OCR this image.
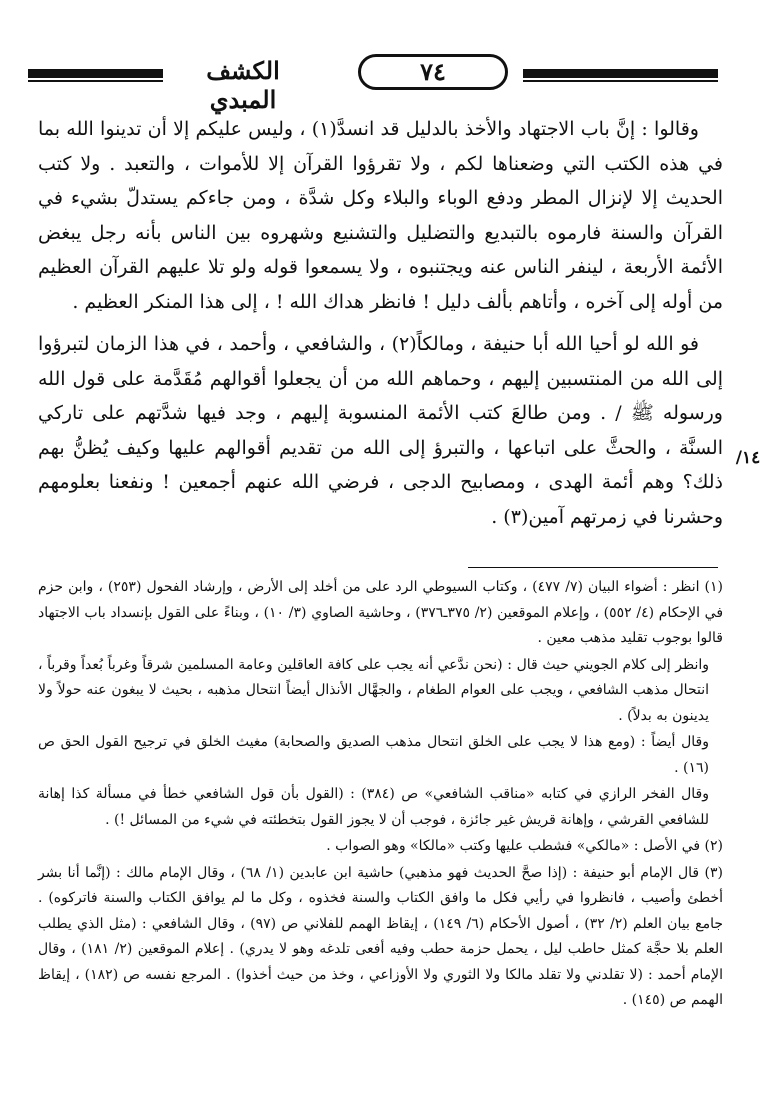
الكشف المبدي
٧٤

وقالوا : إنَّ باب الاجتهاد والأخذ بالدليل قد انسدَّ(١) ، وليس عليكم إلا أن تدينوا الله بما في هذه الكتب التي وضعناها لكم ، ولا تقرؤوا القرآن إلا للأموات ، والتعبد . ولا كتب الحديث إلا لإنزال المطر ودفع الوباء والبلاء وكل شدَّة ، ومن جاءكم يستدلّ بشيء في القرآن والسنة فارموه بالتبديع والتضليل والتشنيع وشهروه بين الناس بأنه رجل يبغض الأئمة الأربعة ، لينفر الناس عنه ويجتنبوه ، ولا يسمعوا قوله ولو تلا عليهم القرآن العظيم من أوله إلى آخره ، وأتاهم بألف دليل ! فانظر هداك الله ! ، إلى هذا المنكر العظيم .

فو الله لو أحيا الله أبا حنيفة ، ومالكاً(٢) ، والشافعي ، وأحمد ، في هذا الزمان لتبرؤوا إلى الله من المنتسبين إليهم ، وحماهم الله من أن يجعلوا أقوالهم مُقَدَّمة على قول الله ورسوله ﷺ / . ومن طالعَ كتب الأئمة المنسوبة إليهم ، وجد فيها شدَّتهم على تاركي السنَّة ، والحثَّ على اتباعها ، والتبرؤ إلى الله من تقديم أقوالهم عليها وكيف يُظنُّ بهم ذلك؟ وهم أئمة الهدى ، ومصابيح الدجى ، فرضي الله عنهم أجمعين ! ونفعنا بعلومهم وحشرنا في زمرتهم آمين(٣) .

١٤/

(١) انظر : أضواء البيان (٧/ ٤٧٧) ، وكتاب السيوطي الرد على من أخلد إلى الأرض ، وإرشاد الفحول (٢٥٣) ، وابن حزم في الإحكام (٤/ ٥٥٢) ، وإعلام الموقعين (٢/ ٣٧٥ـ٣٧٦) ، وحاشية الصاوي (٣/ ١٠) ، وبناءً على القول بإنسداد باب الاجتهاد قالوا بوجوب تقليد مذهب معين .

وانظر إلى كلام الجويني حيث قال : (نحن ندَّعي أنه يجب على كافة العاقلين وعامة المسلمين شرقاً وغرباً بُعداً وقرباً ، انتحال مذهب الشافعي ، ويجب على العوام الطغام ، والجهَّال الأنذال أيضاً انتحال مذهبه ، بحيث لا يبغون عنه حولاً ولا يدينون به بدلاً) .

وقال أيضاً : (ومع هذا لا يجب على الخلق انتحال مذهب الصديق والصحابة) مغيث الخلق في ترجيح القول الحق ص (١٦) .

وقال الفخر الرازي في كتابه «مناقب الشافعي» ص (٣٨٤) : (القول بأن قول الشافعي خطأ في مسألة كذا إهانة للشافعي القرشي ، وإهانة قريش غير جائزة ، فوجب أن لا يجوز القول بتخطئته في شيء من المسائل !) .

(٢) في الأصل : «مالكي» فشطب عليها وكتب «مالكا» وهو الصواب .

(٣) قال الإمام أبو حنيفة : (إذا صحَّ الحديث فهو مذهبي) حاشية ابن عابدين (١/ ٦٨) ، وقال الإمام مالك : (إنَّما أنا بشر أخطئ وأصيب ، فانظروا في رأيي فكل ما وافق الكتاب والسنة فخذوه ، وكل ما لم يوافق الكتاب والسنة فاتركوه) . جامع بيان العلم (٢/ ٣٢) ، أصول الأحكام (٦/ ١٤٩) ، إيقاظ الهمم للفلاني ص (٩٧) ، وقال الشافعي : (مثل الذي يطلب العلم بلا حجَّة كمثل حاطب ليل ، يحمل حزمة حطب وفيه أفعى تلدغه وهو لا يدري) . إعلام الموقعين (٢/ ١٨١) ، وقال الإمام أحمد : (لا تقلدني ولا تقلد مالكا ولا الثوري ولا الأوزاعي ، وخذ من حيث أخذوا) . المرجع نفسه ص (١٨٢) ، إيقاظ الهمم ص (١٤٥) .
